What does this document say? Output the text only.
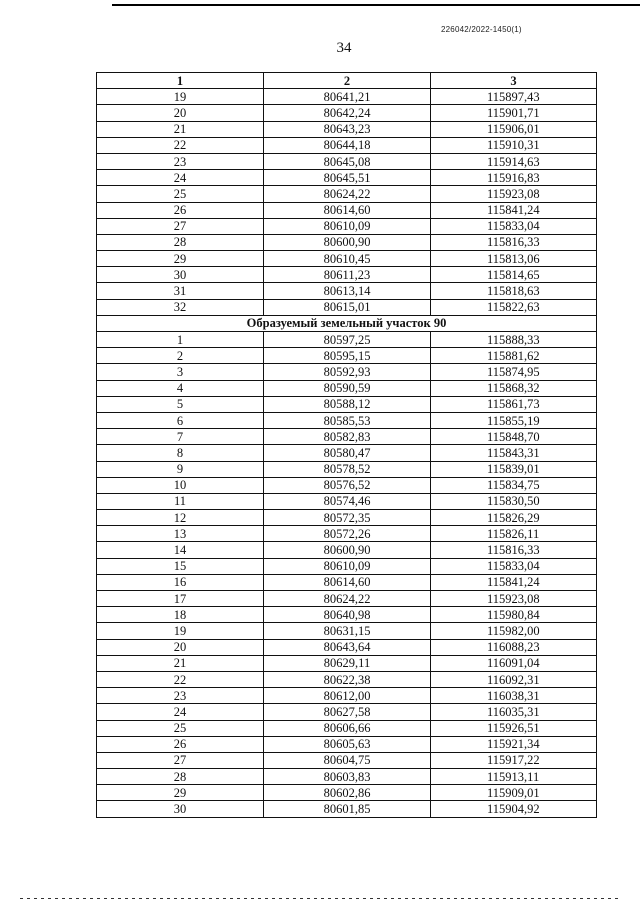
226042/2022-1450(1)
34
1	2	3
19	80641,21	115897,43
20	80642,24	115901,71
21	80643,23	115906,01
22	80644,18	115910,31
23	80645,08	115914,63
24	80645,51	115916,83
25	80624,22	115923,08
26	80614,60	115841,24
27	80610,09	115833,04
28	80600,90	115816,33
29	80610,45	115813,06
30	80611,23	115814,65
31	80613,14	115818,63
32	80615,01	115822,63
Образуемый земельный участок 90		
1	80597,25	115888,33
2	80595,15	115881,62
3	80592,93	115874,95
4	80590,59	115868,32
5	80588,12	115861,73
6	80585,53	115855,19
7	80582,83	115848,70
8	80580,47	115843,31
9	80578,52	115839,01
10	80576,52	115834,75
11	80574,46	115830,50
12	80572,35	115826,29
13	80572,26	115826,11
14	80600,90	115816,33
15	80610,09	115833,04
16	80614,60	115841,24
17	80624,22	115923,08
18	80640,98	115980,84
19	80631,15	115982,00
20	80643,64	116088,23
21	80629,11	116091,04
22	80622,38	116092,31
23	80612,00	116038,31
24	80627,58	116035,31
25	80606,66	115926,51
26	80605,63	115921,34
27	80604,75	115917,22
28	80603,83	115913,11
29	80602,86	115909,01
30	80601,85	115904,92
